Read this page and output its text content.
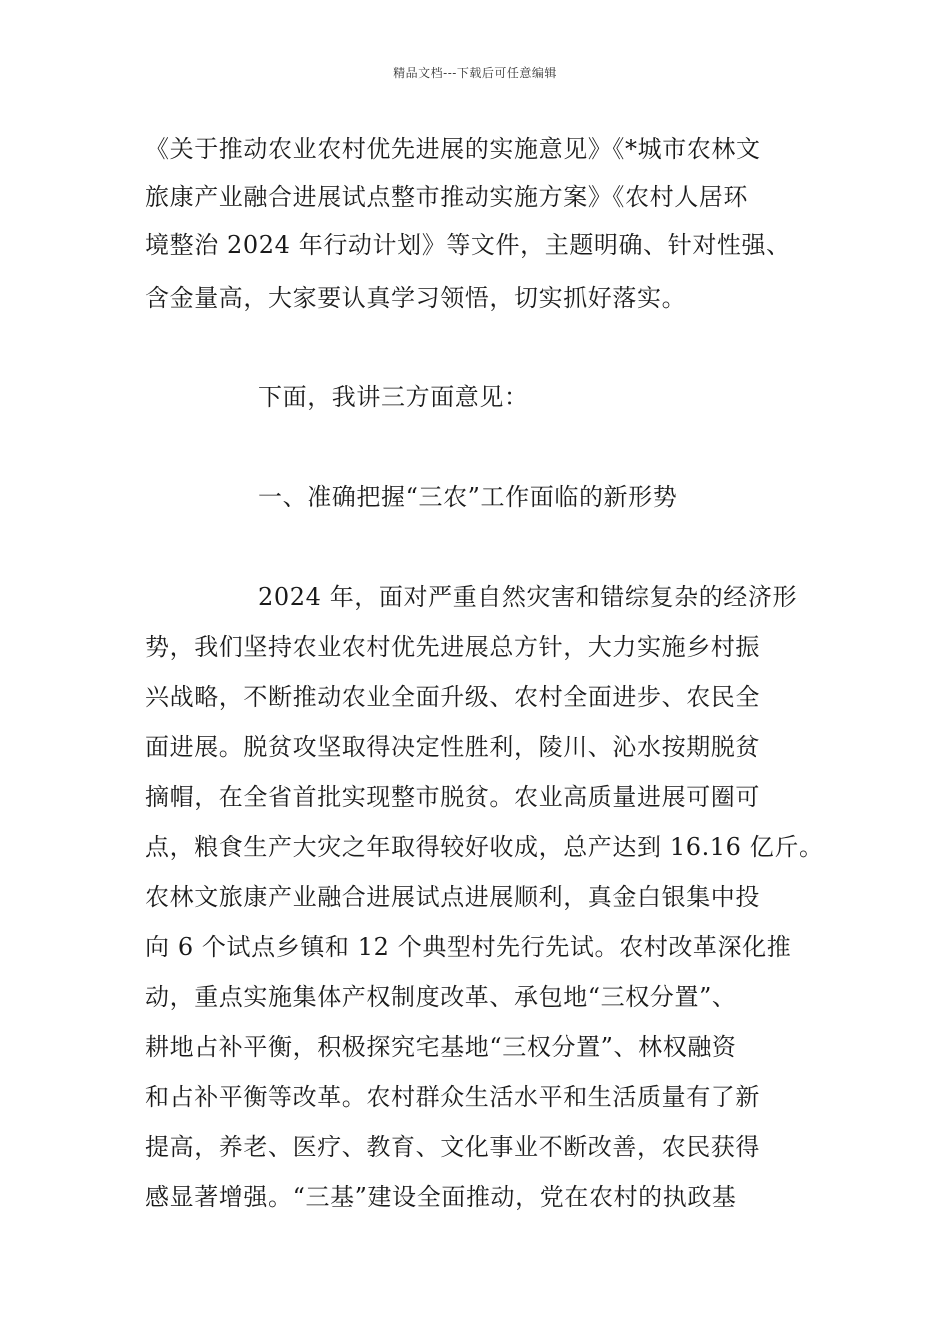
精品文档---下载后可任意编辑
《关于推动农业农村优先进展的实施意见》《*城市农林文
旅康产业融合进展试点整市推动实施方案》《农村人居环
境整治 2024 年行动计划》等文件，主题明确、针对性强、
含金量高，大家要认真学习领悟，切实抓好落实。
下面，我讲三方面意见：
一、准确把握“三农”工作面临的新形势
2024 年，面对严重自然灾害和错综复杂的经济形
势，我们坚持农业农村优先进展总方针，大力实施乡村振
兴战略，不断推动农业全面升级、农村全面进步、农民全
面进展。脱贫攻坚取得决定性胜利，陵川、沁水按期脱贫
摘帽，在全省首批实现整市脱贫。农业高质量进展可圈可
点，粮食生产大灾之年取得较好收成，总产达到 16.16 亿斤。
农林文旅康产业融合进展试点进展顺利，真金白银集中投
向 6 个试点乡镇和 12 个典型村先行先试。农村改革深化推
动，重点实施集体产权制度改革、承包地“三权分置”、
耕地占补平衡，积极探究宅基地“三权分置”、林权融资
和占补平衡等改革。农村群众生活水平和生活质量有了新
提高，养老、医疗、教育、文化事业不断改善，农民获得
感显著增强。“三基”建设全面推动，党在农村的执政基
